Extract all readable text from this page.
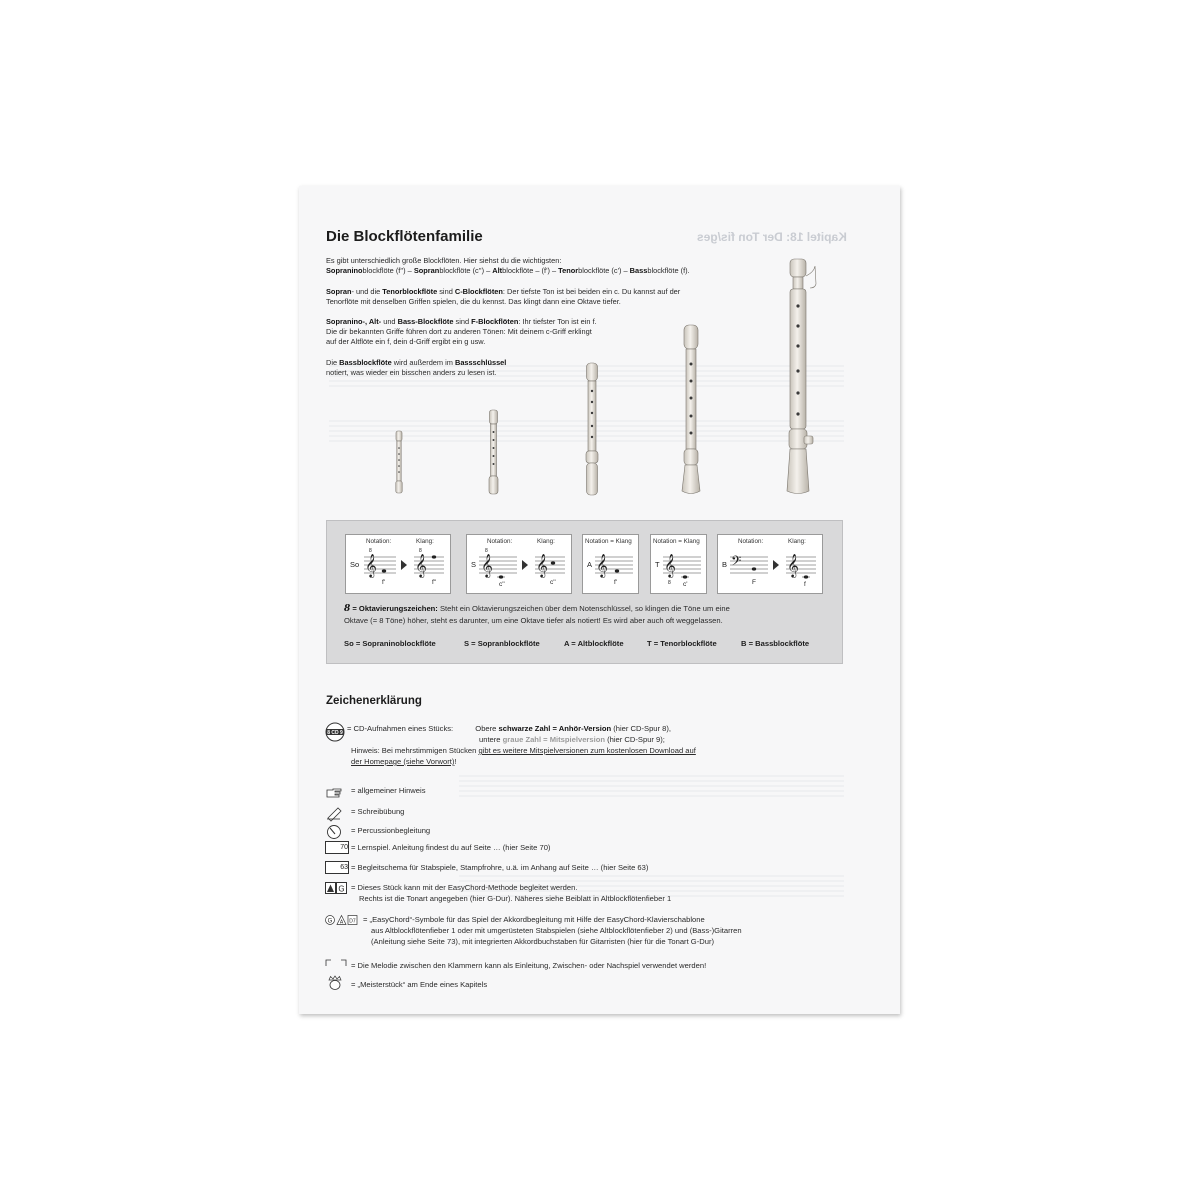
Kapitel 18: Der Ton fis/ges
Die Blockflötenfamilie

Es gibt unterschiedlich große Blockflöten. Hier siehst du die wichtigsten:
Sopraninoblockflöte (f'') – Sopranblockflöte (c'') – Altblockflöte – (f') – Tenorblockflöte (c') – Bassblockflöte (f).

Sopran- und die Tenorblockflöte sind C-Blockflöten: Der tiefste Ton ist bei beiden ein c. Du kannst auf der
Tenorflöte mit denselben Griffen spielen, die du kennst. Das klingt dann eine Oktave tiefer.

Sopranino-, Alt- und Bass-Blockflöte sind F-Blockflöten: Ihr tiefster Ton ist ein f.
Die dir bekannten Griffe führen dort zu anderen Tönen: Mit deinem c-Griff erklingt
auf der Altflöte ein f, dein d-Griff ergibt ein g usw.

Die Bassblockflöte wird außerdem im Bassschlüssel
notiert, was wieder ein bisschen anders zu lesen ist.

Notation:	Klang:
So 𝄞 𝄞
8	8
f'	f''
Notation:	Klang:
S 𝄞 𝄞
8
c''	c''
Notation = Klang
A 𝄞
f'
Notation = Klang
T 𝄞
8 c'
Notation:	Klang:
B 𝄢 𝄞
F	f
8 = Oktavierungszeichen: Steht ein Oktavierungszeichen über dem Notenschlüssel, so klingen die Töne um eine
Oktave (= 8 Töne) höher, steht es darunter, um eine Oktave tiefer als notiert! Es wird aber auch oft weggelassen.
So = Sopraninoblockflöte	S = Sopranblockflöte	A = Altblockflöte	T = Tenorblockflöte	B = Bassblockflöte
Zeichenerklärung
8 CD 9 = CD-Aufnahmen eines Stücks:	Obere schwarze Zahl = Anhör-Version (hier CD-Spur 8),
untere graue Zahl = Mitspielversion (hier CD-Spur 9);
Hinweis: Bei mehrstimmigen Stücken gibt es weitere Mitspielversionen zum kostenlosen Download auf
der Homepage (siehe Vorwort)!
= allgemeiner Hinweis
= Schreibübung
= Percussionbegleitung
70 = Lernspiel. Anleitung findest du auf Seite … (hier Seite 70)
63 = Begleitschema für Stabspiele, Stampfrohre, u.ä. im Anhang auf Seite … (hier Seite 63)
G = Dieses Stück kann mit der EasyChord-Methode begleitet werden.
Rechts ist die Tonart angegeben (hier G-Dur). Näheres siehe Beiblatt in Altblockflötenfieber 1
G A D7 = „EasyChord“-Symbole für das Spiel der Akkordbegleitung mit Hilfe der EasyChord-Klavierschablone
aus Altblockflötenfieber 1 oder mit umgerüsteten Stabspielen (siehe Altblockflötenfieber 2) und (Bass-)Gitarren
(Anleitung siehe Seite 73), mit integrierten Akkordbuchstaben für Gitarristen (hier für die Tonart G-Dur)
= Die Melodie zwischen den Klammern kann als Einleitung, Zwischen- oder Nachspiel verwendet werden!
= „Meisterstück“ am Ende eines Kapitels
